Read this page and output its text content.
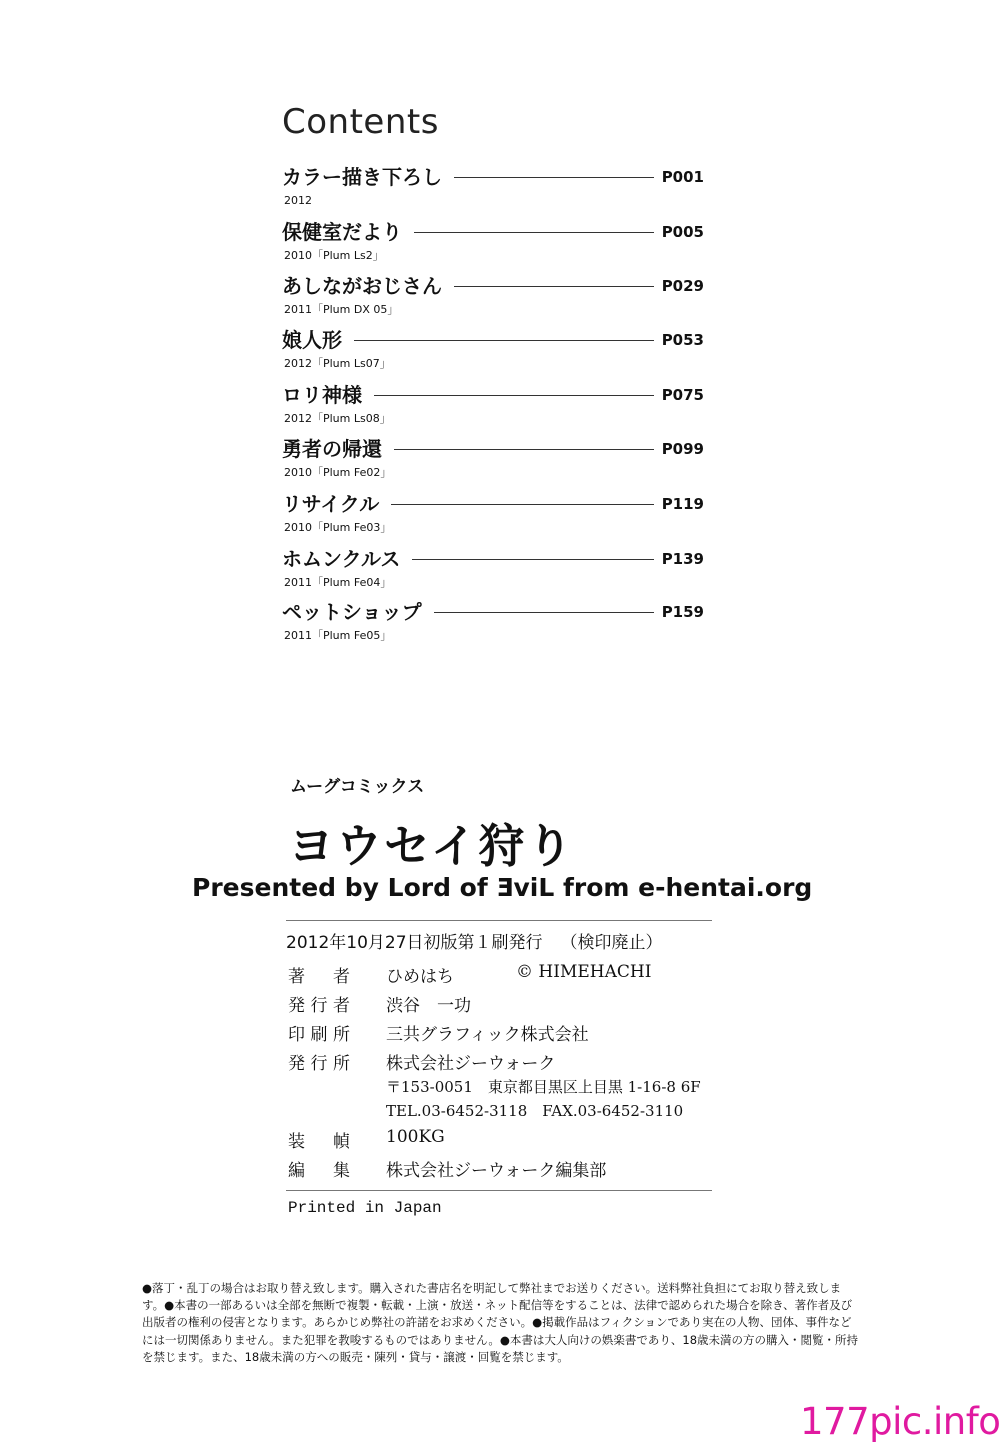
Contents
カラー描き下ろし	P001
2012
保健室だより	P005
2010「Plum Ls2」
あしながおじさん	P029
2011「Plum DX 05」
娘人形	P053
2012「Plum Ls07」
ロリ神様	P075
2012「Plum Ls08」
勇者の帰還	P099
2010「Plum Fe02」
リサイクル	P119
2010「Plum Fe03」
ホムンクルス	P139
2011「Plum Fe04」
ペットショップ	P159
2011「Plum Fe05」
ムーグコミックス
ヨウセイ狩り
Presented by Lord of ƎviL from e-hentai.org
2012年10月27日初版第１刷発行 （検印廃止）
著者 ひめはち	© HIMEHACHI
発行者 渋谷　一功
印刷所 三共グラフィック株式会社
発行所 株式会社ジーウォーク
〒153-0051　東京都目黒区上目黒 1-16-8 6F
TEL.03-6452-3118　FAX.03-6452-3110
装幀 100KG
編集 株式会社ジーウォーク編集部
Printed in Japan
●落丁・乱丁の場合はお取り替え致します。購入された書店名を明記して弊社までお送りください。送料弊社負担にてお取り替え致します。●本書の一部あるいは全部を無断で複製・転載・上演・放送・ネット配信等をすることは、法律で認められた場合を除き、著作者及び出版者の権利の侵害となります。あらかじめ弊社の許諾をお求めください。●掲載作品はフィクションであり実在の人物、団体、事件などには一切関係ありません。また犯罪を教唆するものではありません。●本書は大人向けの娯楽書であり、18歳未満の方の購入・閲覧・所持を禁じます。また、18歳未満の方への販売・陳列・貸与・譲渡・回覧を禁じます。
177pic.info
